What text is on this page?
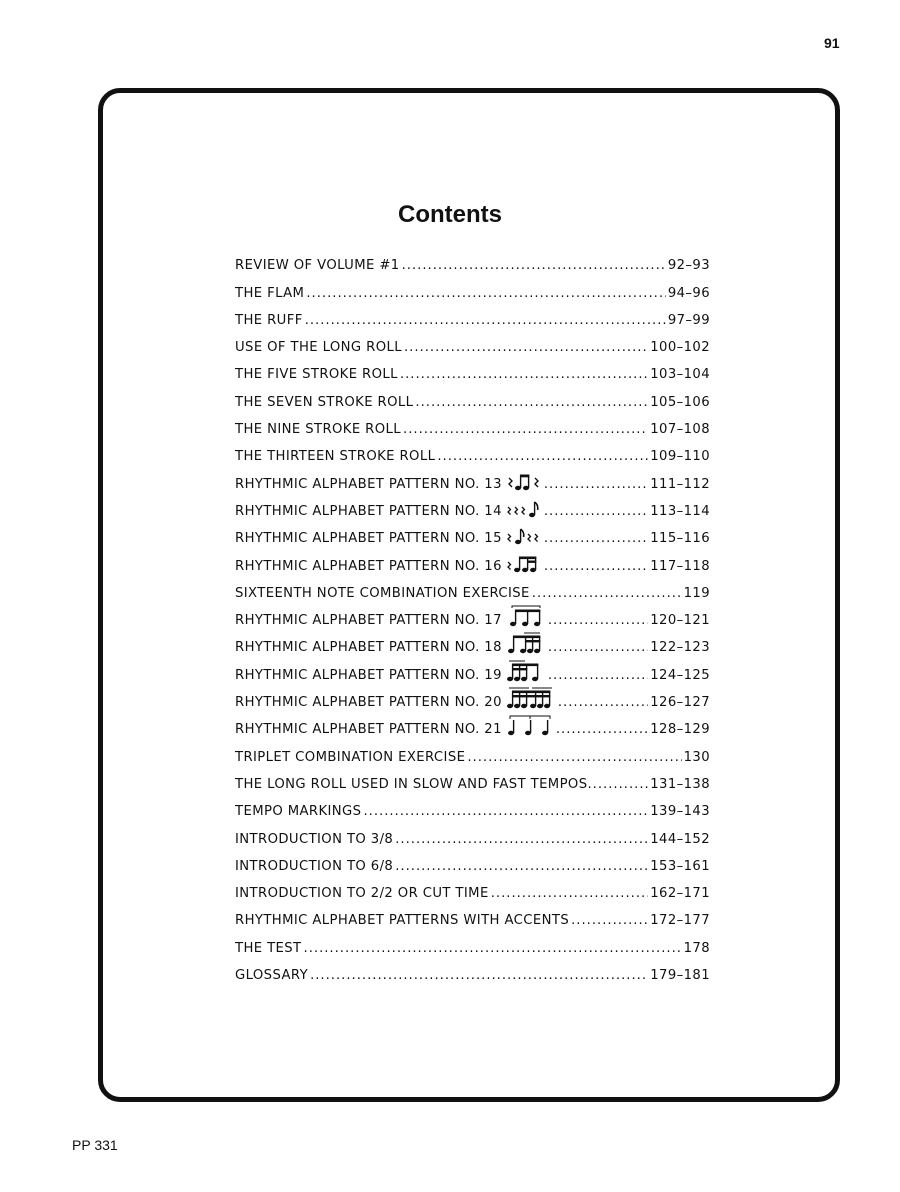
91
Contents
REVIEW OF VOLUME #1 . . .	92–93
THE FLAM . . .	94–96
THE RUFF . . .	97–99
USE OF THE LONG ROLL . . .	100–102
THE FIVE STROKE ROLL . . .	103–104
THE SEVEN STROKE ROLL . . .	105–106
THE NINE STROKE ROLL . . .	107–108
THE THIRTEEN STROKE ROLL . . .	109–110
RHYTHMIC ALPHABET PATTERN NO. 13 . . .	111–112
RHYTHMIC ALPHABET PATTERN NO. 14 . . .	113–114
RHYTHMIC ALPHABET PATTERN NO. 15 . . .	115–116
RHYTHMIC ALPHABET PATTERN NO. 16 . . .	117–118
SIXTEENTH NOTE COMBINATION EXERCISE . . .	119
RHYTHMIC ALPHABET PATTERN NO. 17 . . .	120–121
RHYTHMIC ALPHABET PATTERN NO. 18 . . .	122–123
RHYTHMIC ALPHABET PATTERN NO. 19 . . .	124–125
RHYTHMIC ALPHABET PATTERN NO. 20 . . .	126–127
RHYTHMIC ALPHABET PATTERN NO. 21 . . .	128–129
TRIPLET COMBINATION EXERCISE . . .	130
THE LONG ROLL USED IN SLOW AND FAST TEMPOS . . .	131–138
TEMPO MARKINGS . . .	139–143
INTRODUCTION TO 3/8 . . .	144–152
INTRODUCTION TO 6/8 . . .	153–161
INTRODUCTION TO 2/2 OR CUT TIME . . .	162–171
RHYTHMIC ALPHABET PATTERNS WITH ACCENTS . . .	172–177
THE TEST . . .	178
GLOSSARY . . .	179–181
PP 331
